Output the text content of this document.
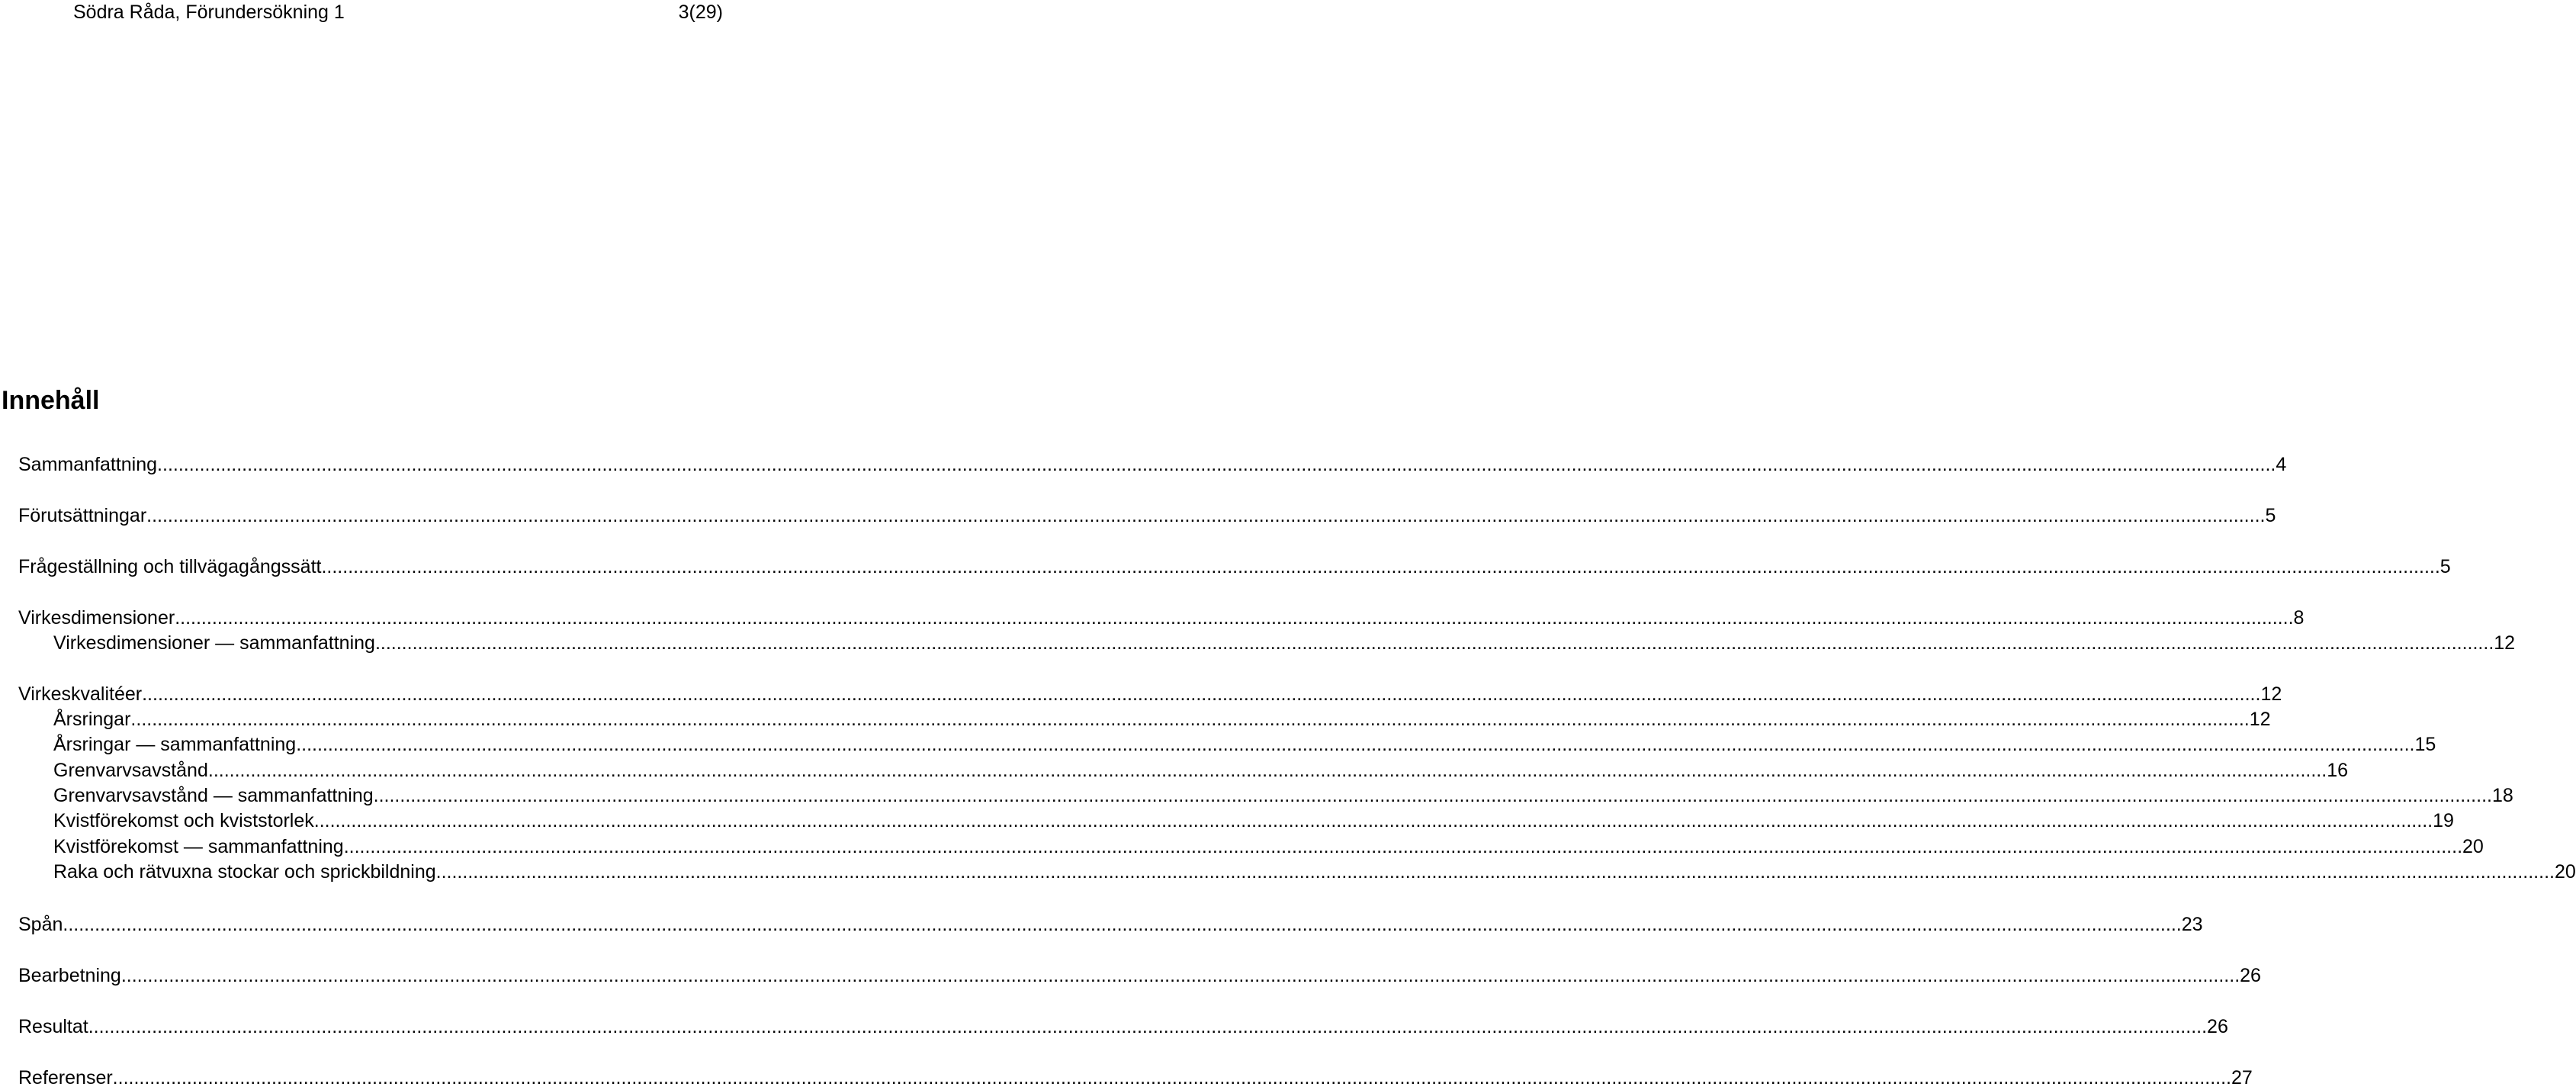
Södra Råda, Förundersökning 1	3(29)
Innehåll
Sammanfattning ................................................................................................................................................................................................................................................................................................................................................................................................................ 4
Förutsättningar ................................................................................................................................................................................................................................................................................................................................................................................................................ 5
Frågeställning och tillvägagångssätt ................................................................................................................................................................................................................................................................................................................................................................................................................ 5
Virkesdimensioner ................................................................................................................................................................................................................................................................................................................................................................................................................ 8
Virkesdimensioner — sammanfattning ................................................................................................................................................................................................................................................................................................................................................................................................................ 12
Virkeskvalitéer ................................................................................................................................................................................................................................................................................................................................................................................................................ 12
Årsringar ................................................................................................................................................................................................................................................................................................................................................................................................................ 12
Årsringar — sammanfattning ................................................................................................................................................................................................................................................................................................................................................................................................................ 15
Grenvarvsavstånd ................................................................................................................................................................................................................................................................................................................................................................................................................ 16
Grenvarvsavstånd — sammanfattning ................................................................................................................................................................................................................................................................................................................................................................................................................ 18
Kvistförekomst och kviststorlek ................................................................................................................................................................................................................................................................................................................................................................................................................ 19
Kvistförekomst — sammanfattning ................................................................................................................................................................................................................................................................................................................................................................................................................ 20
Raka och rätvuxna stockar och sprickbildning ................................................................................................................................................................................................................................................................................................................................................................................................................ 20
Spån ................................................................................................................................................................................................................................................................................................................................................................................................................ 23
Bearbetning ................................................................................................................................................................................................................................................................................................................................................................................................................ 26
Resultat ................................................................................................................................................................................................................................................................................................................................................................................................................ 26
Referenser ................................................................................................................................................................................................................................................................................................................................................................................................................ 27
